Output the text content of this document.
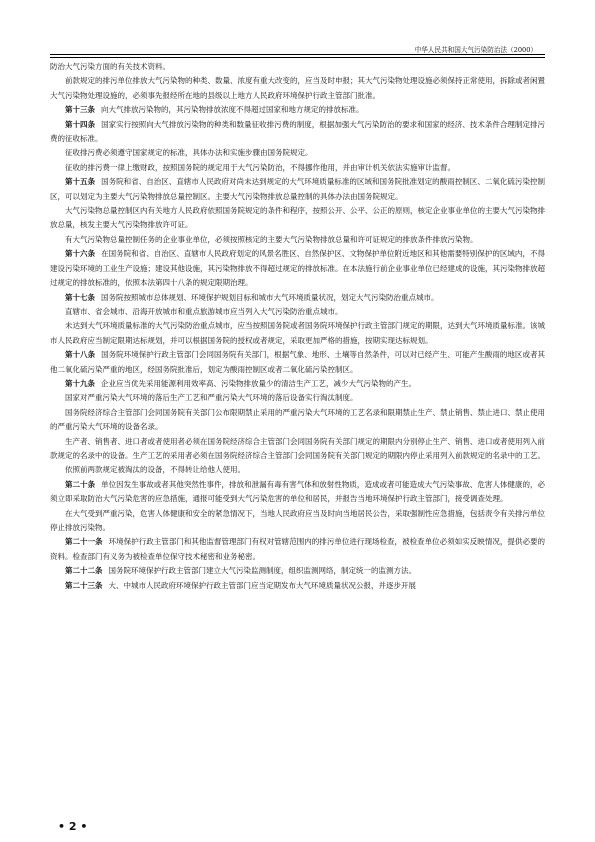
中华人民共和国大气污染防治法（2000）

防治大气污染方面的有关技术资料。

前款规定的排污单位排放大气污染物的种类、数量、浓度有重大改变的，应当及时申报；其大气污染物处理设施必须保持正常使用，拆除或者闲置大气污染物处理设施的，必须事先报经所在地的县级以上地方人民政府环境保护行政主管部门批准。

第十三条 向大气排放污染物的，其污染物排放浓度不得超过国家和地方规定的排放标准。

第十四条 国家实行按照向大气排放污染物的种类和数量征收排污费的制度，根据加强大气污染防治的要求和国家的经济、技术条件合理制定排污费的征收标准。

征收排污费必须遵守国家规定的标准，具体办法和实施步骤由国务院规定。

征收的排污费一律上缴财政，按照国务院的规定用于大气污染防治，不得挪作他用，并由审计机关依法实施审计监督。

第十五条 国务院和省、自治区、直辖市人民政府对尚未达到规定的大气环境质量标准的区域和国务院批准划定的酸雨控制区、二氧化硫污染控制区，可以划定为主要大气污染物排放总量控制区。主要大气污染物排放总量控制的具体办法由国务院规定。

大气污染物总量控制区内有关地方人民政府依照国务院规定的条件和程序，按照公开、公平、公正的原则，核定企业事业单位的主要大气污染物排放总量，核发主要大气污染物排放许可证。

有大气污染物总量控制任务的企业事业单位，必须按照核定的主要大气污染物排放总量和许可证规定的排放条件排放污染物。

第十六条 在国务院和省、自治区、直辖市人民政府划定的风景名胜区、自然保护区、文物保护单位附近地区和其他需要特别保护的区域内，不得建设污染环境的工业生产设施；建设其他设施，其污染物排放不得超过规定的排放标准。在本法施行前企业事业单位已经建成的设施，其污染物排放超过规定的排放标准的，依照本法第四十八条的规定限期治理。

第十七条 国务院按照城市总体规划、环境保护规划目标和城市大气环境质量状况，划定大气污染防治重点城市。

直辖市、省会城市、沿海开放城市和重点旅游城市应当列入大气污染防治重点城市。

未达到大气环境质量标准的大气污染防治重点城市，应当按照国务院或者国务院环境保护行政主管部门规定的期限，达到大气环境质量标准。该城市人民政府应当制定限期达标规划，并可以根据国务院的授权或者规定，采取更加严格的措施，按期实现达标规划。

第十八条 国务院环境保护行政主管部门会同国务院有关部门，根据气象、地形、土壤等自然条件，可以对已经产生、可能产生酸雨的地区或者其他二氧化硫污染严重的地区，经国务院批准后，划定为酸雨控制区或者二氧化硫污染控制区。

第十九条 企业应当优先采用能源利用效率高、污染物排放量少的清洁生产工艺，减少大气污染物的产生。

国家对严重污染大气环境的落后生产工艺和严重污染大气环境的落后设备实行淘汰制度。

国务院经济综合主管部门会同国务院有关部门公布限期禁止采用的严重污染大气环境的工艺名录和限期禁止生产、禁止销售、禁止进口、禁止使用的严重污染大气环境的设备名录。

生产者、销售者、进口者或者使用者必须在国务院经济综合主管部门会同国务院有关部门规定的期限内分别停止生产、销售、进口或者使用列入前款规定的名录中的设备。生产工艺的采用者必须在国务院经济综合主管部门会同国务院有关部门规定的期限内停止采用列入前款规定的名录中的工艺。

依照前两款规定被淘汰的设备，不得转让给他人使用。

第二十条 单位因发生事故或者其他突然性事件，排放和泄漏有毒有害气体和放射性物质，造成或者可能造成大气污染事故、危害人体健康的，必须立即采取防治大气污染危害的应急措施，通报可能受到大气污染危害的单位和居民，并报告当地环境保护行政主管部门，接受调查处理。

在大气受到严重污染，危害人体健康和安全的紧急情况下，当地人民政府应当及时向当地居民公告，采取强制性应急措施，包括责令有关排污单位停止排放污染物。

第二十一条 环境保护行政主管部门和其他监督管理部门有权对管辖范围内的排污单位进行现场检查，被检查单位必须如实反映情况，提供必要的资料。检查部门有义务为被检查单位保守技术秘密和业务秘密。

第二十二条 国务院环境保护行政主管部门建立大气污染监测制度，组织监测网络，制定统一的监测方法。

第二十三条 大、中城市人民政府环境保护行政主管部门应当定期发布大气环境质量状况公报，并逐步开展

• 2 •
